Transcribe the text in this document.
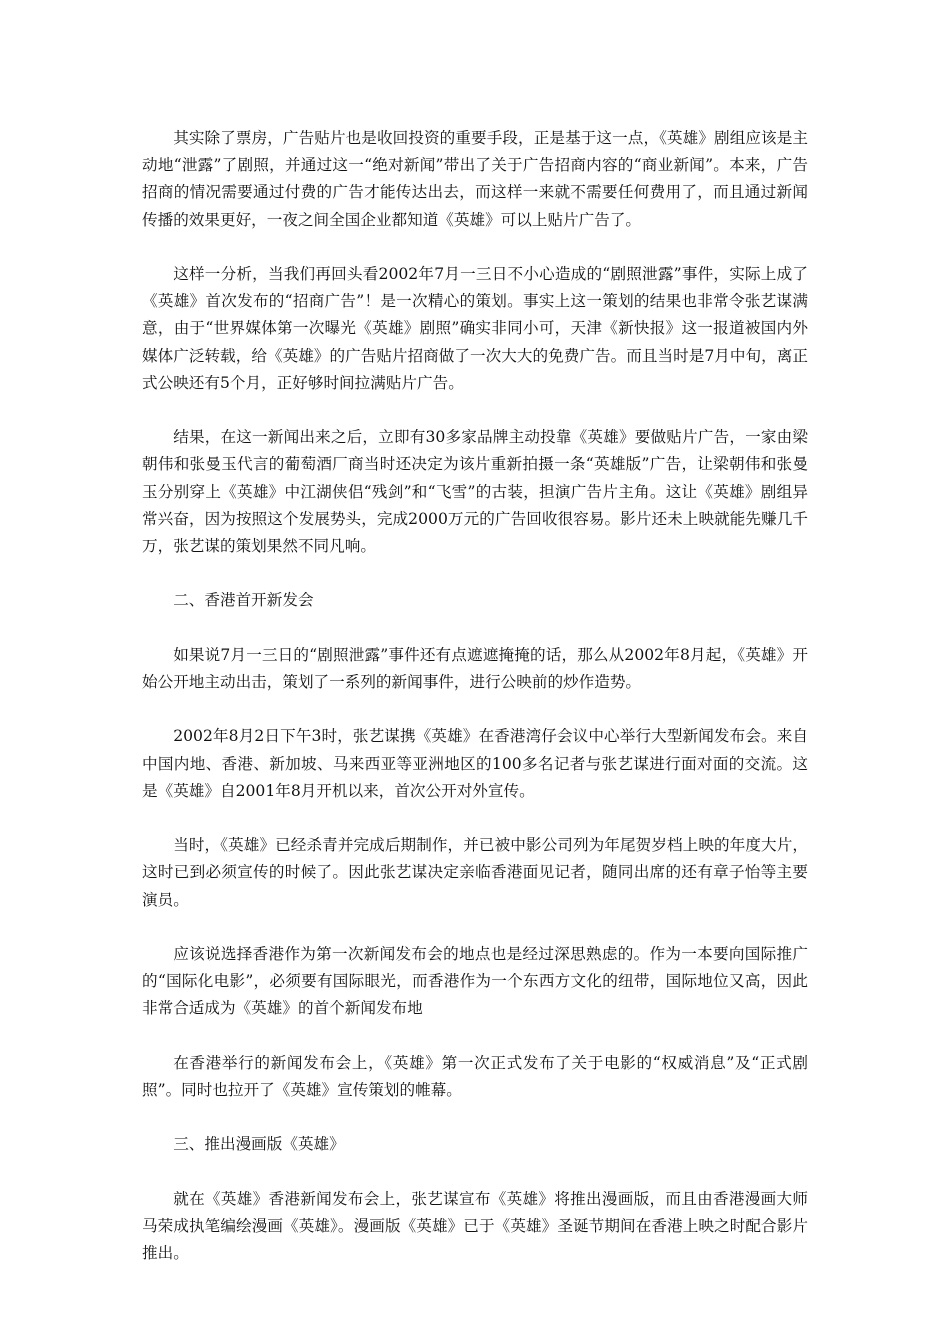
其实除了票房，广告贴片也是收回投资的重要手段，正是基于这一点，《英雄》剧组应该是主动地“泄露”了剧照，并通过这一“绝对新闻”带出了关于广告招商内容的“商业新闻”。本来，广告招商的情况需要通过付费的广告才能传达出去，而这样一来就不需要任何费用了，而且通过新闻传播的效果更好，一夜之间全国企业都知道《英雄》可以上贴片广告了。

这样一分析，当我们再回头看2002年7月一三日不小心造成的“剧照泄露”事件，实际上成了《英雄》首次发布的“招商广告”！是一次精心的策划。事实上这一策划的结果也非常令张艺谋满意，由于“世界媒体第一次曝光《英雄》剧照”确实非同小可，天津《新快报》这一报道被国内外媒体广泛转载，给《英雄》的广告贴片招商做了一次大大的免费广告。而且当时是7月中旬，离正式公映还有5个月，正好够时间拉满贴片广告。

结果，在这一新闻出来之后，立即有30多家品牌主动投靠《英雄》要做贴片广告，一家由梁朝伟和张曼玉代言的葡萄酒厂商当时还决定为该片重新拍摄一条“英雄版”广告，让梁朝伟和张曼玉分别穿上《英雄》中江湖侠侣“残剑”和“飞雪”的古装，担演广告片主角。这让《英雄》剧组异常兴奋，因为按照这个发展势头，完成2000万元的广告回收很容易。影片还未上映就能先赚几千万，张艺谋的策划果然不同凡响。

二、香港首开新发会

如果说7月一三日的“剧照泄露”事件还有点遮遮掩掩的话，那么从2002年8月起，《英雄》开始公开地主动出击，策划了一系列的新闻事件，进行公映前的炒作造势。

2002年8月2日下午3时，张艺谋携《英雄》在香港湾仔会议中心举行大型新闻发布会。来自中国内地、香港、新加坡、马来西亚等亚洲地区的100多名记者与张艺谋进行面对面的交流。这是《英雄》自2001年8月开机以来，首次公开对外宣传。

当时，《英雄》已经杀青并完成后期制作，并已被中影公司列为年尾贺岁档上映的年度大片，这时已到必须宣传的时候了。因此张艺谋决定亲临香港面见记者，随同出席的还有章子怡等主要演员。

应该说选择香港作为第一次新闻发布会的地点也是经过深思熟虑的。作为一本要向国际推广的“国际化电影”，必须要有国际眼光，而香港作为一个东西方文化的纽带，国际地位又高，因此非常合适成为《英雄》的首个新闻发布地

在香港举行的新闻发布会上，《英雄》第一次正式发布了关于电影的“权威消息”及“正式剧照”。同时也拉开了《英雄》宣传策划的帷幕。

三、推出漫画版《英雄》

就在《英雄》香港新闻发布会上，张艺谋宣布《英雄》将推出漫画版，而且由香港漫画大师马荣成执笔编绘漫画《英雄》。漫画版《英雄》已于《英雄》圣诞节期间在香港上映之时配合影片推出。
